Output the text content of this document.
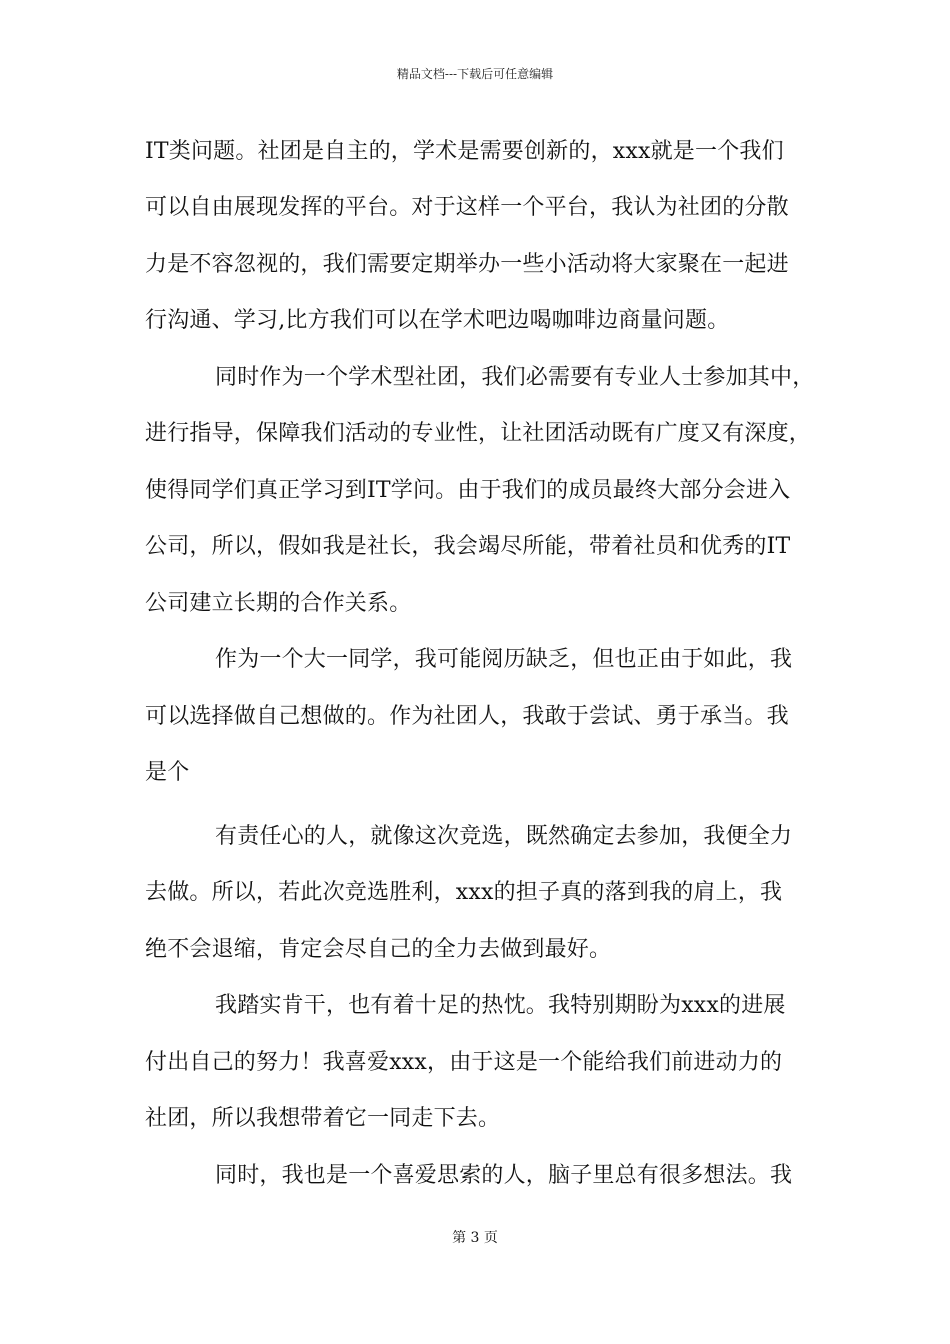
精品文档---下载后可任意编辑
IT类问题。社团是自主的，学术是需要创新的，xxx就是一个我们
可以自由展现发挥的平台。对于这样一个平台，我认为社团的分散
力是不容忽视的，我们需要定期举办一些小活动将大家聚在一起进
行沟通、学习,比方我们可以在学术吧边喝咖啡边商量问题。
同时作为一个学术型社团，我们必需要有专业人士参加其中，
进行指导，保障我们活动的专业性，让社团活动既有广度又有深度，
使得同学们真正学习到IT学问。由于我们的成员最终大部分会进入
公司，所以，假如我是社长，我会竭尽所能，带着社员和优秀的IT
公司建立长期的合作关系。
作为一个大一同学，我可能阅历缺乏，但也正由于如此，我
可以选择做自己想做的。作为社团人，我敢于尝试、勇于承当。我
是个
有责任心的人，就像这次竞选，既然确定去参加，我便全力
去做。所以，若此次竞选胜利，xxx的担子真的落到我的肩上，我
绝不会退缩，肯定会尽自己的全力去做到最好。
我踏实肯干，也有着十足的热忱。我特别期盼为xxx的进展
付出自己的努力！我喜爱xxx，由于这是一个能给我们前进动力的
社团，所以我想带着它一同走下去。
同时，我也是一个喜爱思索的人，脑子里总有很多想法。我
第 3 页
